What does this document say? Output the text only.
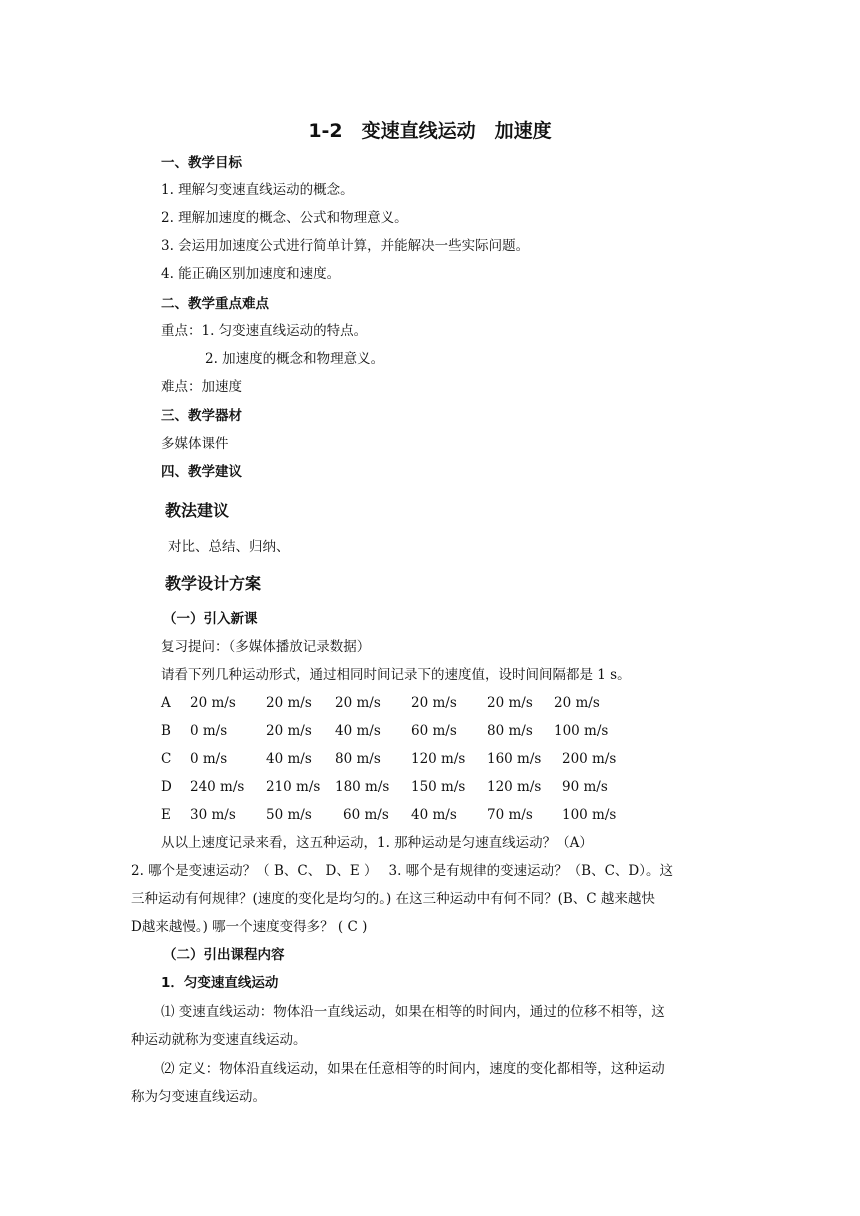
1-2　变速直线运动　加速度
一、教学目标
1. 理解匀变速直线运动的概念。
2. 理解加速度的概念、公式和物理意义。
3. 会运用加速度公式进行简单计算，并能解决一些实际问题。
4. 能正确区别加速度和速度。
二、教学重点难点
重点：1. 匀变速直线运动的特点。
2. 加速度的概念和物理意义。
难点：加速度
三、教学器材
多媒体课件
四、教学建议
教法建议
对比、总结、归纳、
教学设计方案
（一）引入新课
复习提问：（多媒体播放记录数据）
请看下列几种运动形式，通过相同时间记录下的速度值，设时间间隔都是 1 s。
A 20 m/s 20 m/s 20 m/s 20 m/s 20 m/s 20 m/s
B 0 m/s	20 m/s 40 m/s 60 m/s 80 m/s 100 m/s
C 0 m/s	40 m/s 80 m/s 120 m/s 160 m/s 200 m/s
D 240 m/s 210 m/s 180 m/s 150 m/s 120 m/s 90 m/s
E 30 m/s 50 m/s 60 m/s 40 m/s 70 m/s 100 m/s
从以上速度记录来看，这五种运动，1. 那种运动是匀速直线运动？（A）
2. 哪个是变速运动？（ B、C、 D、E ）　 3. 哪个是有规律的变速运动？（B、C、D）。这
三种运动有何规律？(速度的变化是均匀的。) 在这三种运动中有何不同？(B、C 越来越快
D越来越慢。) 哪一个速度变得多？ ( C )
（二）引出课程内容
1．匀变速直线运动
⑴ 变速直线运动：物体沿一直线运动，如果在相等的时间内，通过的位移不相等，这
种运动就称为变速直线运动。
⑵ 定义：物体沿直线运动，如果在任意相等的时间内，速度的变化都相等，这种运动
称为匀变速直线运动。
